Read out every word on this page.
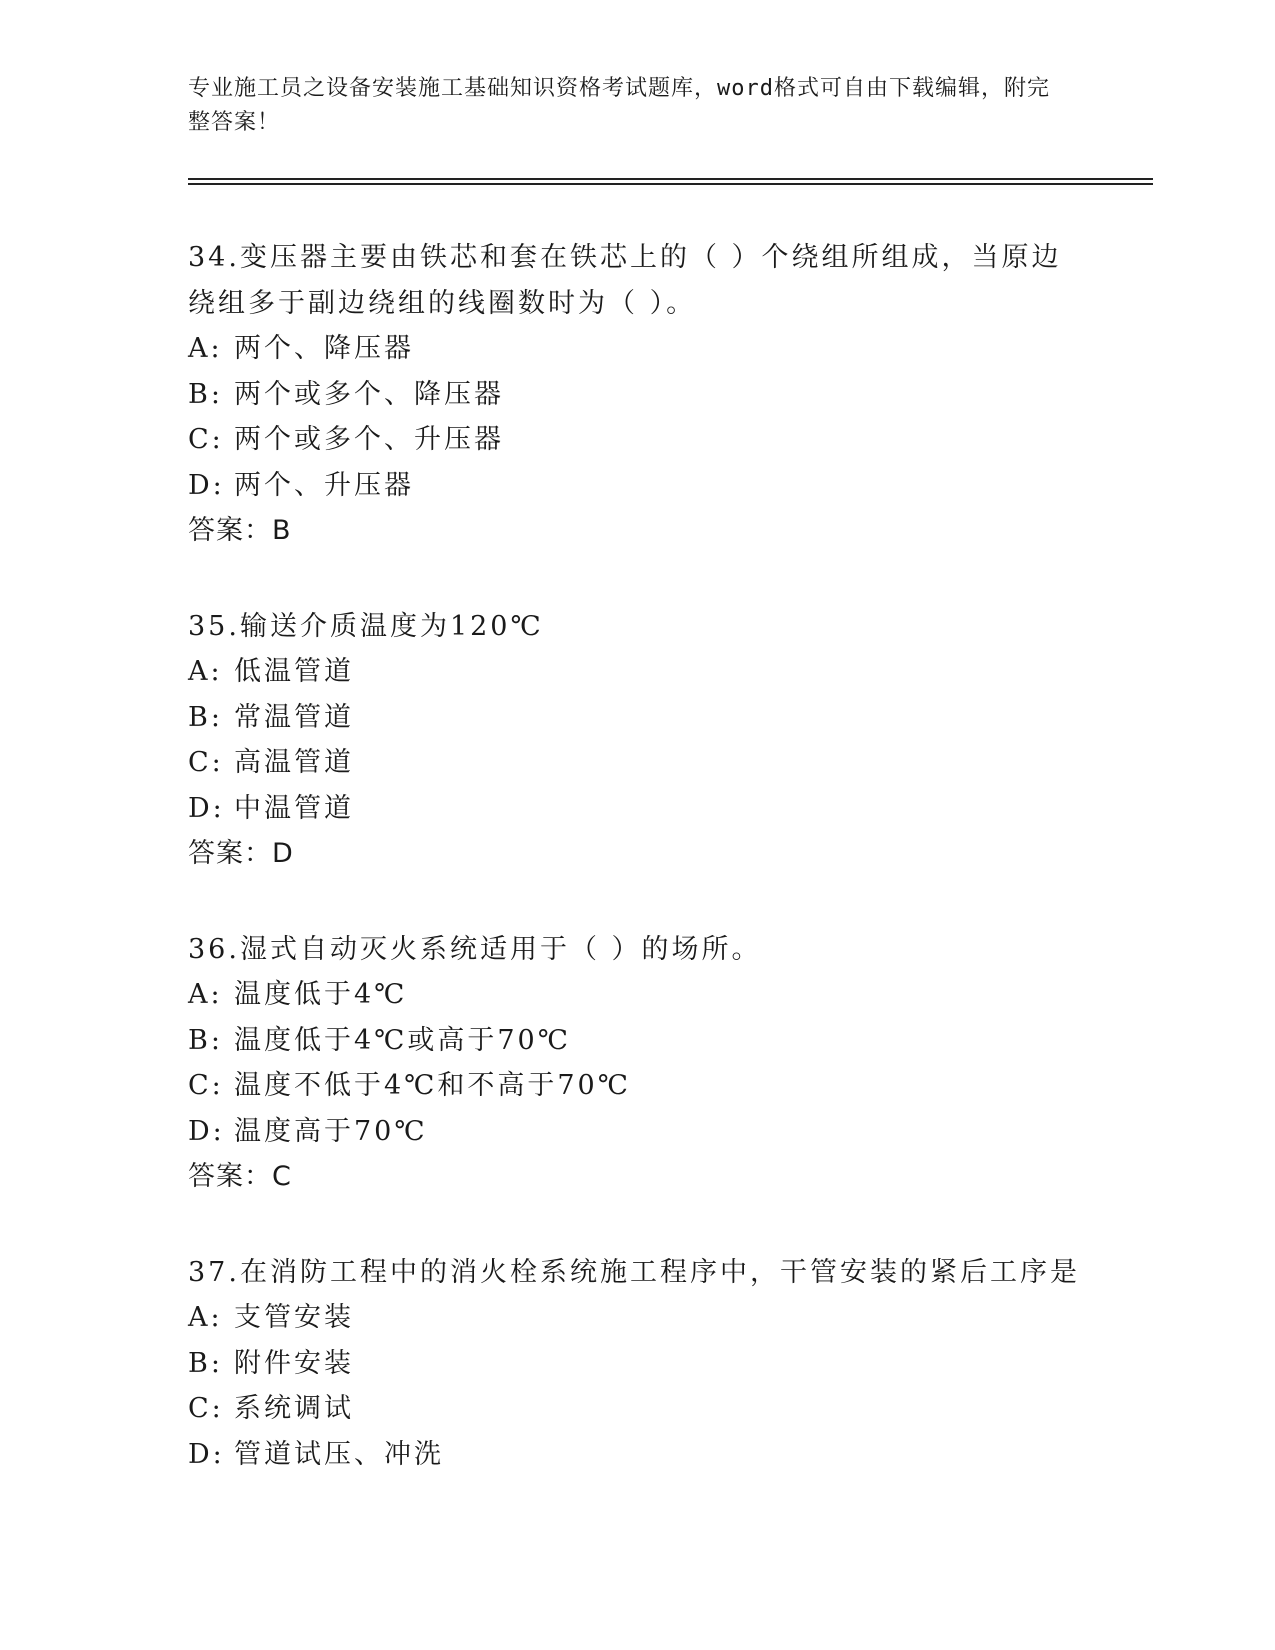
专业施工员之设备安装施工基础知识资格考试题库，word格式可自由下载编辑，附完整答案！

34.变压器主要由铁芯和套在铁芯上的（ ）个绕组所组成，当原边绕组多于副边绕组的线圈数时为（ ）。

A: 两个、降压器
B: 两个或多个、降压器
C: 两个或多个、升压器
D: 两个、升压器
答案：B

35.输送介质温度为120℃

A: 低温管道
B: 常温管道
C: 高温管道
D: 中温管道
答案：D

36.湿式自动灭火系统适用于（ ）的场所。

A: 温度低于4℃
B: 温度低于4℃或高于70℃
C: 温度不低于4℃和不高于70℃
D: 温度高于70℃
答案：C

37.在消防工程中的消火栓系统施工程序中，干管安装的紧后工序是

A: 支管安装
B: 附件安装
C: 系统调试
D: 管道试压、冲洗
